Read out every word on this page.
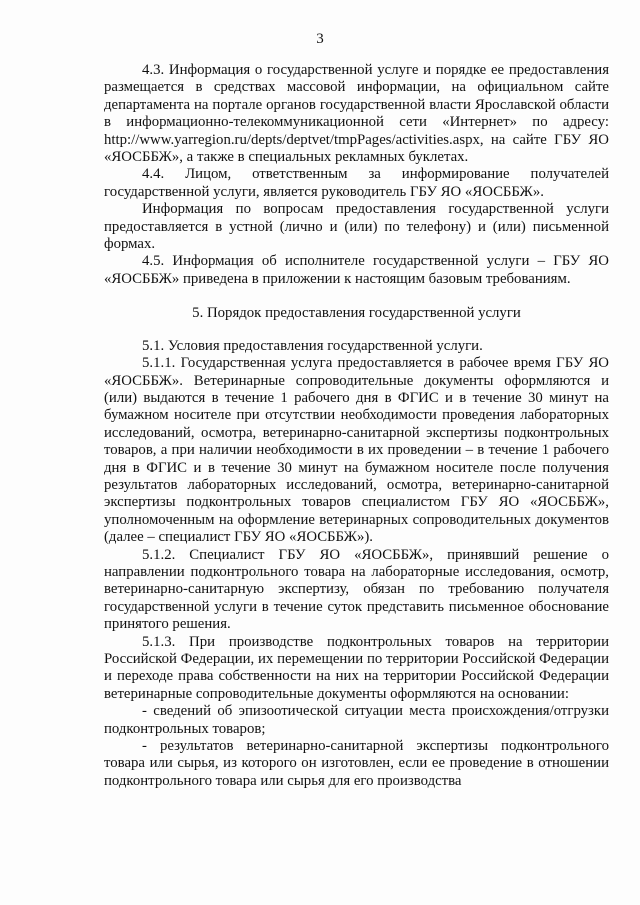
3

4.3. Информация о государственной услуге и порядке ее предоставления размещается в средствах массовой информации, на официальном сайте департамента на портале органов государственной власти Ярославской области в информационно-телекоммуникационной сети «Интернет» по адресу: http://www.yarregion.ru/depts/deptvet/tmpPages/activities.aspx, на сайте ГБУ ЯО «ЯОСББЖ», а также в специальных рекламных буклетах.

4.4. Лицом, ответственным за информирование получателей государственной услуги, является руководитель ГБУ ЯО «ЯОСББЖ».

Информация по вопросам предоставления государственной услуги предоставляется в устной (лично и (или) по телефону) и (или) письменной формах.

4.5. Информация об исполнителе государственной услуги – ГБУ ЯО «ЯОСББЖ» приведена в приложении к настоящим базовым требованиям.

5. Порядок предоставления государственной услуги

5.1. Условия предоставления государственной услуги.

5.1.1. Государственная услуга предоставляется в рабочее время ГБУ ЯО «ЯОСББЖ». Ветеринарные сопроводительные документы оформляются и (или) выдаются в течение 1 рабочего дня в ФГИС и в течение 30 минут на бумажном носителе при отсутствии необходимости проведения лабораторных исследований, осмотра, ветеринарно-санитарной экспертизы подконтрольных товаров, а при наличии необходимости в их проведении – в течение 1 рабочего дня в ФГИС и в течение 30 минут на бумажном носителе после получения результатов лабораторных исследований, осмотра, ветеринарно-санитарной экспертизы подконтрольных товаров специалистом ГБУ ЯО «ЯОСББЖ», уполномоченным на оформление ветеринарных сопроводительных документов (далее – специалист ГБУ ЯО «ЯОСББЖ»).

5.1.2. Специалист ГБУ ЯО «ЯОСББЖ», принявший решение о направлении подконтрольного товара на лабораторные исследования, осмотр, ветеринарно-санитарную экспертизу, обязан по требованию получателя государственной услуги в течение суток представить письменное обоснование принятого решения.

5.1.3. При производстве подконтрольных товаров на территории Российской Федерации, их перемещении по территории Российской Федерации и переходе права собственности на них на территории Российской Федерации ветеринарные сопроводительные документы оформляются на основании:

- сведений об эпизоотической ситуации места происхождения/отгрузки подконтрольных товаров;

- результатов ветеринарно-санитарной экспертизы подконтрольного товара или сырья, из которого он изготовлен, если ее проведение в отношении подконтрольного товара или сырья для его производства
